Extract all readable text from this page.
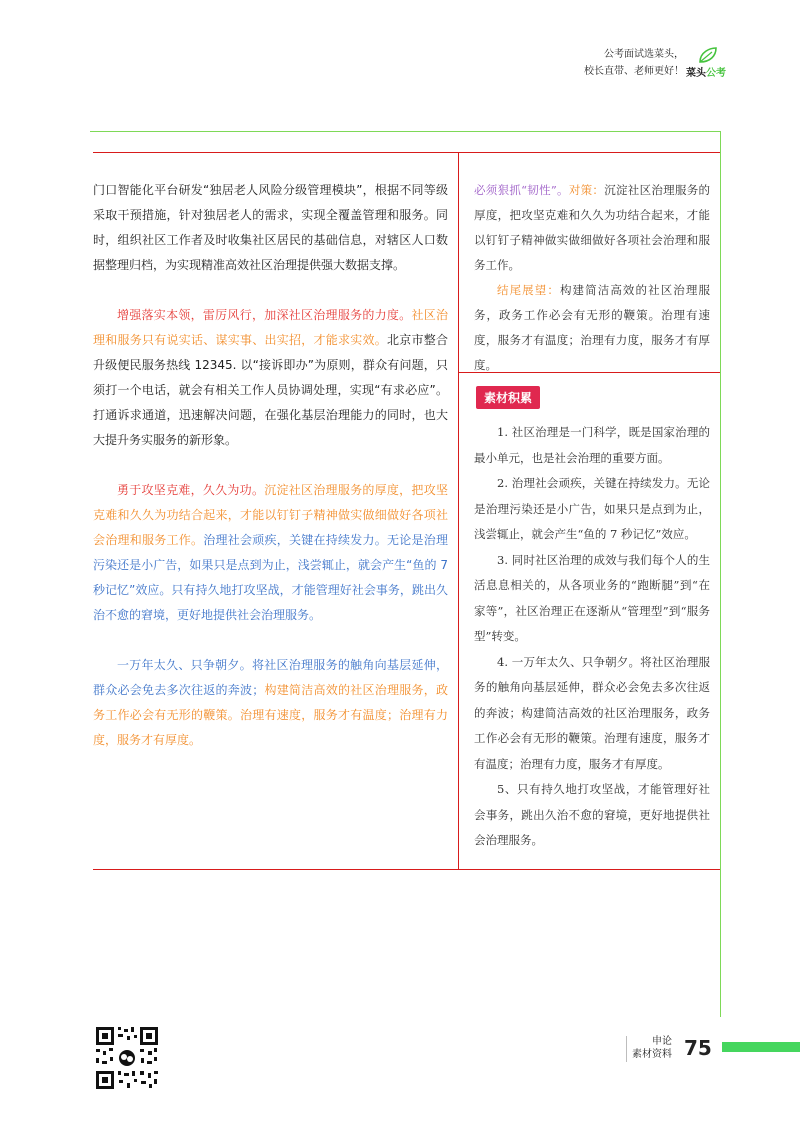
公考面试选菜头，
校长直带、老师更好！ 菜头公考

门口智能化平台研发“独居老人风险分级管理模块”，根据不同等级采取干预措施，针对独居老人的需求，实现全覆盖管理和服务。同时，组织社区工作者及时收集社区居民的基础信息，对辖区人口数据整理归档，为实现精准高效社区治理提供强大数据支撑。

增强落实本领，雷厉风行，加深社区治理服务的力度。社区治理和服务只有说实话、谋实事、出实招，才能求实效。北京市整合升级便民服务热线 12345. 以“接诉即办”为原则，群众有问题，只须打一个电话，就会有相关工作人员协调处理，实现“有求必应”。打通诉求通道，迅速解决问题，在强化基层治理能力的同时，也大大提升务实服务的新形象。

勇于攻坚克难，久久为功。沉淀社区治理服务的厚度，把攻坚克难和久久为功结合起来，才能以钉钉子精神做实做细做好各项社会治理和服务工作。治理社会顽疾，关键在持续发力。无论是治理污染还是小广告，如果只是点到为止，浅尝辄止，就会产生“鱼的 7 秒记忆”效应。只有持久地打攻坚战，才能管理好社会事务，跳出久治不愈的窘境，更好地提供社会治理服务。

一万年太久、只争朝夕。将社区治理服务的触角向基层延伸，群众必会免去多次往返的奔波；构建简洁高效的社区治理服务，政务工作必会有无形的鞭策。治理有速度，服务才有温度；治理有力度，服务才有厚度。

必须狠抓“韧性”。对策：沉淀社区治理服务的厚度，把攻坚克难和久久为功结合起来，才能以钉钉子精神做实做细做好各项社会治理和服务工作。

结尾展望：构建简洁高效的社区治理服务，政务工作必会有无形的鞭策。治理有速度，服务才有温度；治理有力度，服务才有厚度。

素材积累

1. 社区治理是一门科学，既是国家治理的最小单元，也是社会治理的重要方面。

2. 治理社会顽疾，关键在持续发力。无论是治理污染还是小广告，如果只是点到为止，浅尝辄止，就会产生“鱼的 7 秒记忆”效应。

3. 同时社区治理的成效与我们每个人的生活息息相关的，从各项业务的“跑断腿”到“在家等”，社区治理正在逐渐从“管理型”到“服务型”转变。

4. 一万年太久、只争朝夕。将社区治理服务的触角向基层延伸，群众必会免去多次往返的奔波；构建简洁高效的社区治理服务，政务工作必会有无形的鞭策。治理有速度，服务才有温度；治理有力度，服务才有厚度。

5、只有持久地打攻坚战，才能管理好社会事务，跳出久治不愈的窘境，更好地提供社会治理服务。

申论
素材资料 75
